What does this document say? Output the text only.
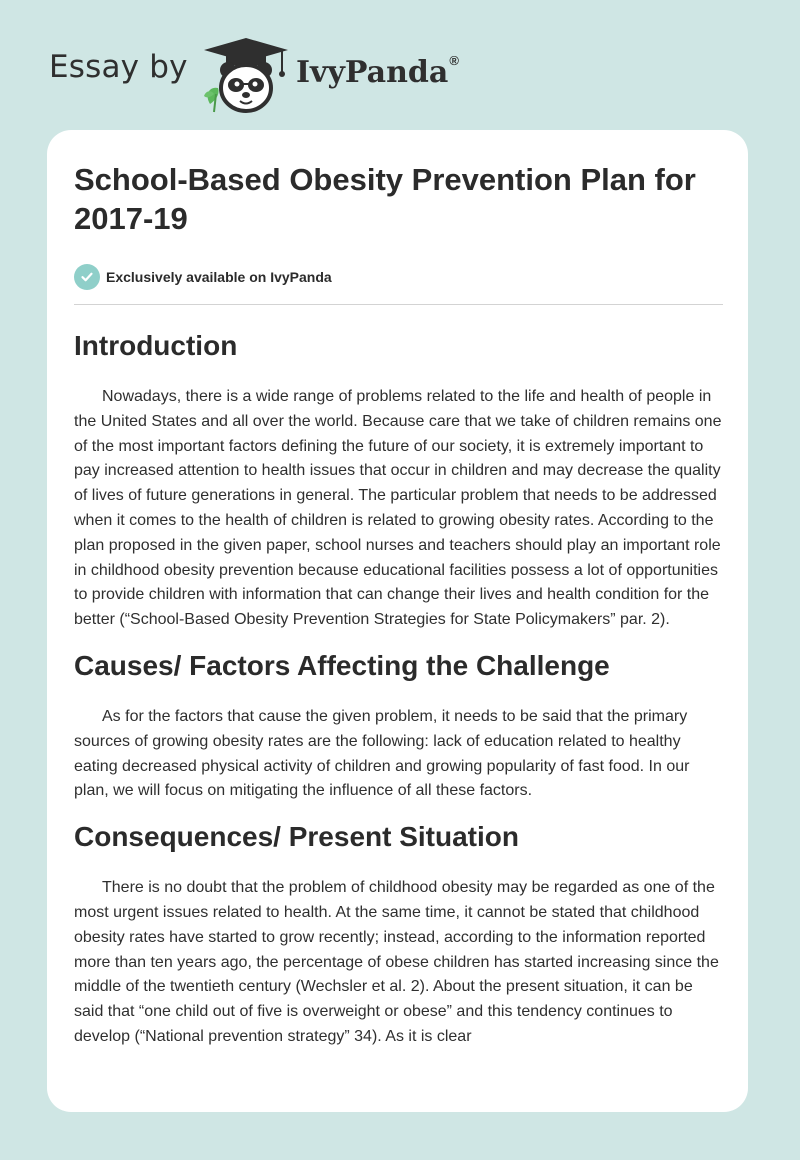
Essay by	IvyPanda®
School-Based Obesity Prevention Plan for 2017-19
Exclusively available on IvyPanda
Introduction

Nowadays, there is a wide range of problems related to the life and health of people in the United States and all over the world. Because care that we take of children remains one of the most important factors defining the future of our society, it is extremely important to pay increased attention to health issues that occur in children and may decrease the quality of lives of future generations in general. The particular problem that needs to be addressed when it comes to the health of children is related to growing obesity rates. According to the plan proposed in the given paper, school nurses and teachers should play an important role in childhood obesity prevention because educational facilities possess a lot of opportunities to provide children with information that can change their lives and health condition for the better (“School-Based Obesity Prevention Strategies for State Policymakers” par. 2).

Causes/ Factors Affecting the Challenge

As for the factors that cause the given problem, it needs to be said that the primary sources of growing obesity rates are the following: lack of education related to healthy eating decreased physical activity of children and growing popularity of fast food. In our plan, we will focus on mitigating the influence of all these factors.

Consequences/ Present Situation

There is no doubt that the problem of childhood obesity may be regarded as one of the most urgent issues related to health. At the same time, it cannot be stated that childhood obesity rates have started to grow recently; instead, according to the information reported more than ten years ago, the percentage of obese children has started increasing since the middle of the twentieth century (Wechsler et al. 2). About the present situation, it can be said that “one child out of five is overweight or obese” and this tendency continues to develop (“National prevention strategy” 34). As it is clear
